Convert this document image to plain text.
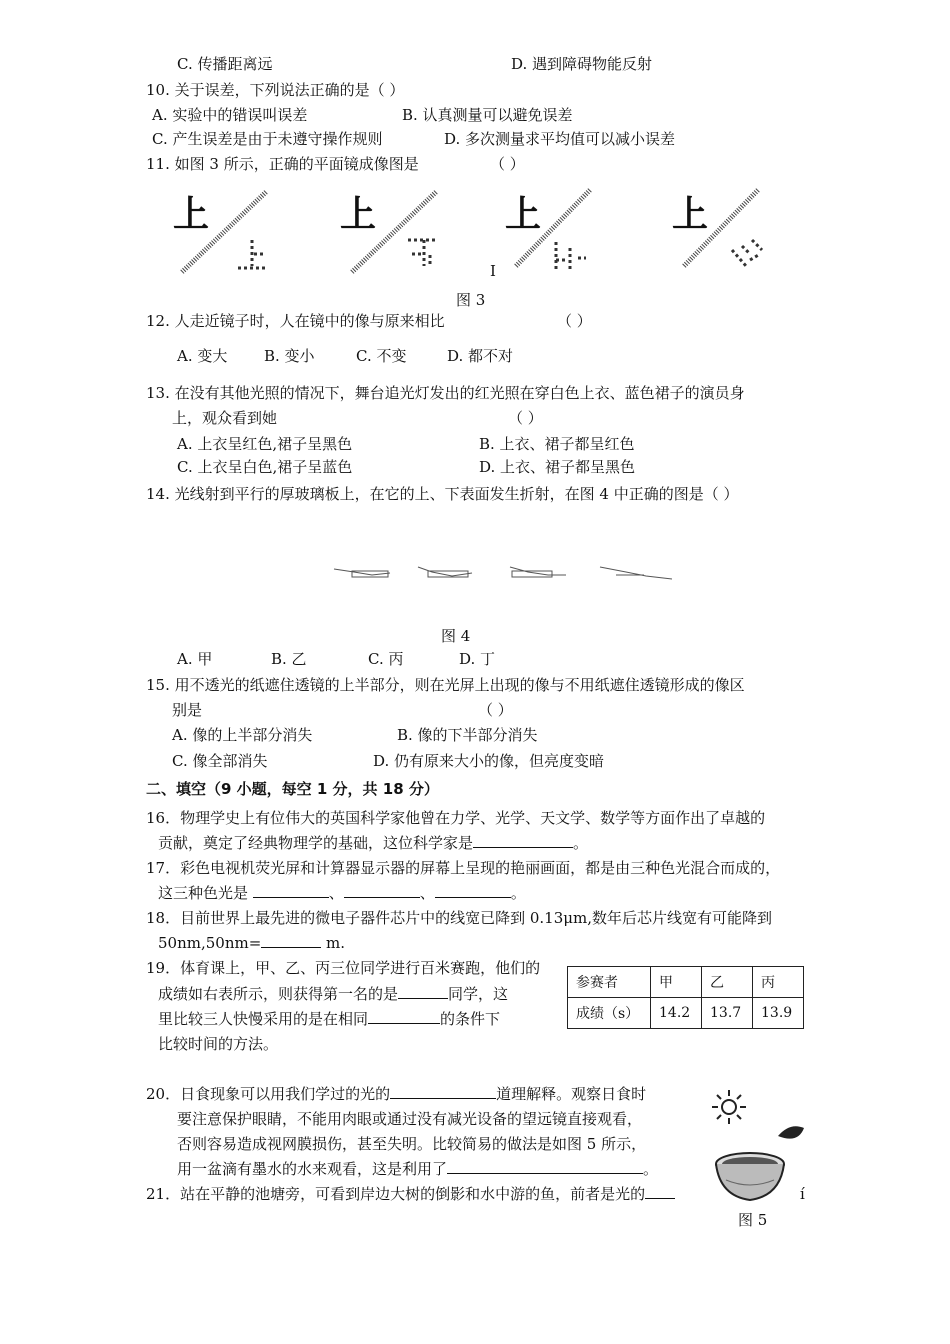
C. 传播距离远	D. 遇到障碍物能反射
10. 关于误差，下列说法正确的是（ ）
A. 实验中的错误叫误差	B. 认真测量可以避免误差
C. 产生误差是由于未遵守操作规则	D. 多次测量求平均值可以减小误差
11. 如图 3 所示，正确的平面镜成像图是	（ ）
上	上	上
I
上
图 3
12. 人走近镜子时，人在镜中的像与原来相比	（ ）
A. 变大 B. 变小	C. 不变	D. 都不对
13. 在没有其他光照的情况下，舞台追光灯发出的红光照在穿白色上衣、蓝色裙子的演员身
上，观众看到她	（ ）
A. 上衣呈红色,裙子呈黑色	B. 上衣、裙子都呈红色
C. 上衣呈白色,裙子呈蓝色	D. 上衣、裙子都呈黑色
14. 光线射到平行的厚玻璃板上，在它的上、下表面发生折射，在图 4 中正确的图是（ ）
图 4
A. 甲	B. 乙	C. 丙	D. 丁
15. 用不透光的纸遮住透镜的上半部分，则在光屏上出现的像与不用纸遮住透镜形成的像区
别是	（ ）
A. 像的上半部分消失	B. 像的下半部分消失
C. 像全部消失	D. 仍有原来大小的像，但亮度变暗
二、填空（9 小题，每空 1 分，共 18 分）
16．物理学史上有位伟大的英国科学家他曾在力学、光学、天文学、数学等方面作出了卓越的
贡献，奠定了经典物理学的基础，这位科学家是	。
17．彩色电视机荧光屏和计算器显示器的屏幕上呈现的艳丽画面，都是由三种色光混合而成的，
这三种色光是	、	、	。
18．目前世界上最先进的微电子器件芯片中的线宽已降到 0.13μm,数年后芯片线宽有可能降到
50nm,50nm=	m.
19．体育课上，甲、乙、丙三位同学进行百米赛跑，他们的
成绩如右表所示，则获得第一名的是	同学，这
里比较三人快慢采用的是在相同	的条件下
比较时间的方法。
参赛者	甲	乙	丙
成绩（s）	14.2	13.7	13.9
20．日食现象可以用我们学过的光的	道理解释。观察日食时
要注意保护眼睛，不能用肉眼或通过没有减光设备的望远镜直接观看，
否则容易造成视网膜损伤，甚至失明。比较简易的做法是如图 5 所示，
用一盆滴有墨水的水来观看，这是利用了	。
21．站在平静的池塘旁，可看到岸边大树的倒影和水中游的鱼，前者是光的	í
图 5
